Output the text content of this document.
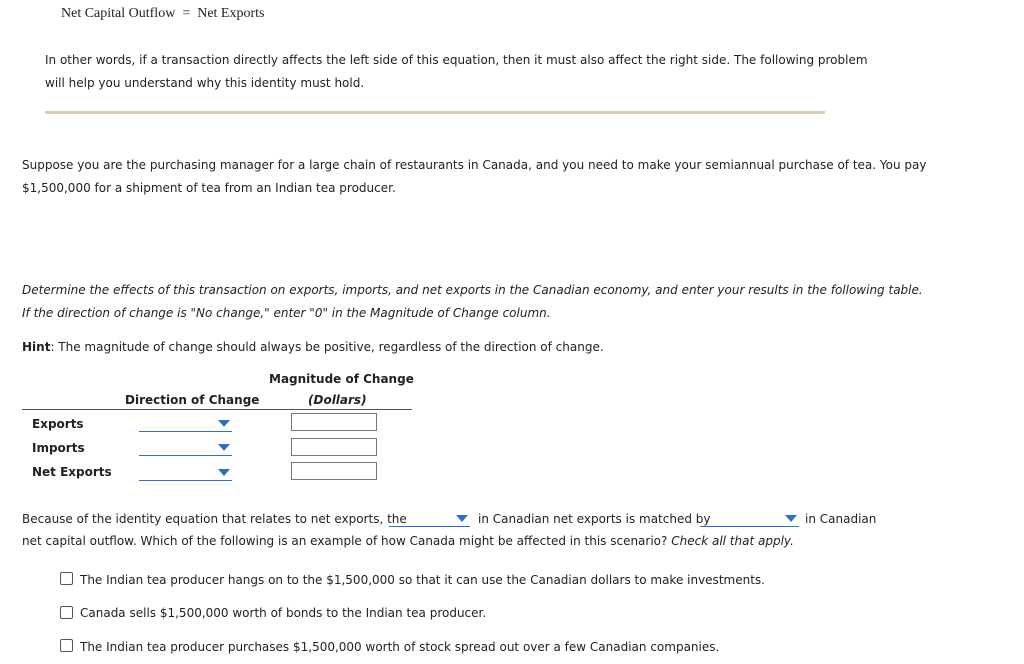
Net Capital Outflow = Net Exports
In other words, if a transaction directly affects the left side of this equation, then it must also affect the right side. The following problem
will help you understand why this identity must hold.
Suppose you are the purchasing manager for a large chain of restaurants in Canada, and you need to make your semiannual purchase of tea. You pay
$1,500,000 for a shipment of tea from an Indian tea producer.
Determine the effects of this transaction on exports, imports, and net exports in the Canadian economy, and enter your results in the following table.
If the direction of change is "No change," enter "0" in the Magnitude of Change column.
Hint: The magnitude of change should always be positive, regardless of the direction of change.
Direction of Change
Magnitude of Change
(Dollars)
Exports
Imports
Net Exports
Because of the identity equation that relates to net exports, the	in Canadian net exports is matched by	in Canadian
net capital outflow. Which of the following is an example of how Canada might be affected in this scenario? Check all that apply.
The Indian tea producer hangs on to the $1,500,000 so that it can use the Canadian dollars to make investments.
Canada sells $1,500,000 worth of bonds to the Indian tea producer.
The Indian tea producer purchases $1,500,000 worth of stock spread out over a few Canadian companies.
